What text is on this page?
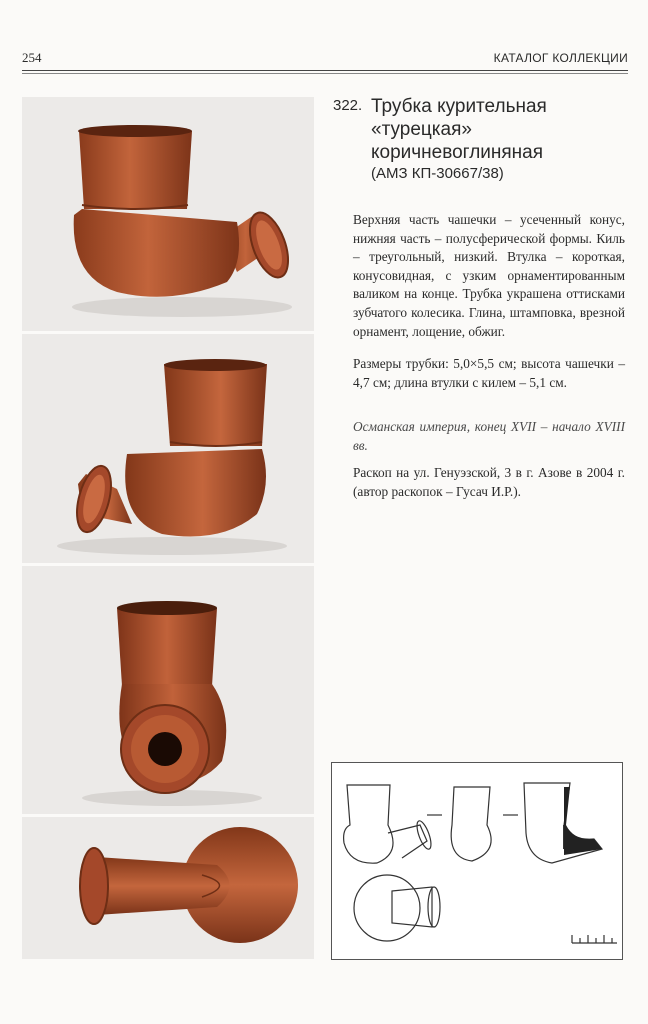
254	КАТАЛОГ КОЛЛЕКЦИИ
322. Трубка курительная «турецкая» коричневоглиняная
(АМЗ КП-30667/38)

Верхняя часть чашечки – усеченный конус, нижняя часть – полусферической формы. Киль – треугольный, низкий. Втулка – короткая, конусовидная, с узким орнаментированным валиком на конце. Трубка украшена оттисками зубчатого колесика. Глина, штамповка, врезной орнамент, лощение, обжиг.

Размеры трубки: 5,0×5,5 см; высота чашечки – 4,7 см; длина втулки с килем – 5,1 см.

Османская империя, конец XVII – начало XVIII вв.

Раскоп на ул. Генуэзской, 3 в г. Азове в 2004 г. (автор раскопок – Гусач И.Р.).
